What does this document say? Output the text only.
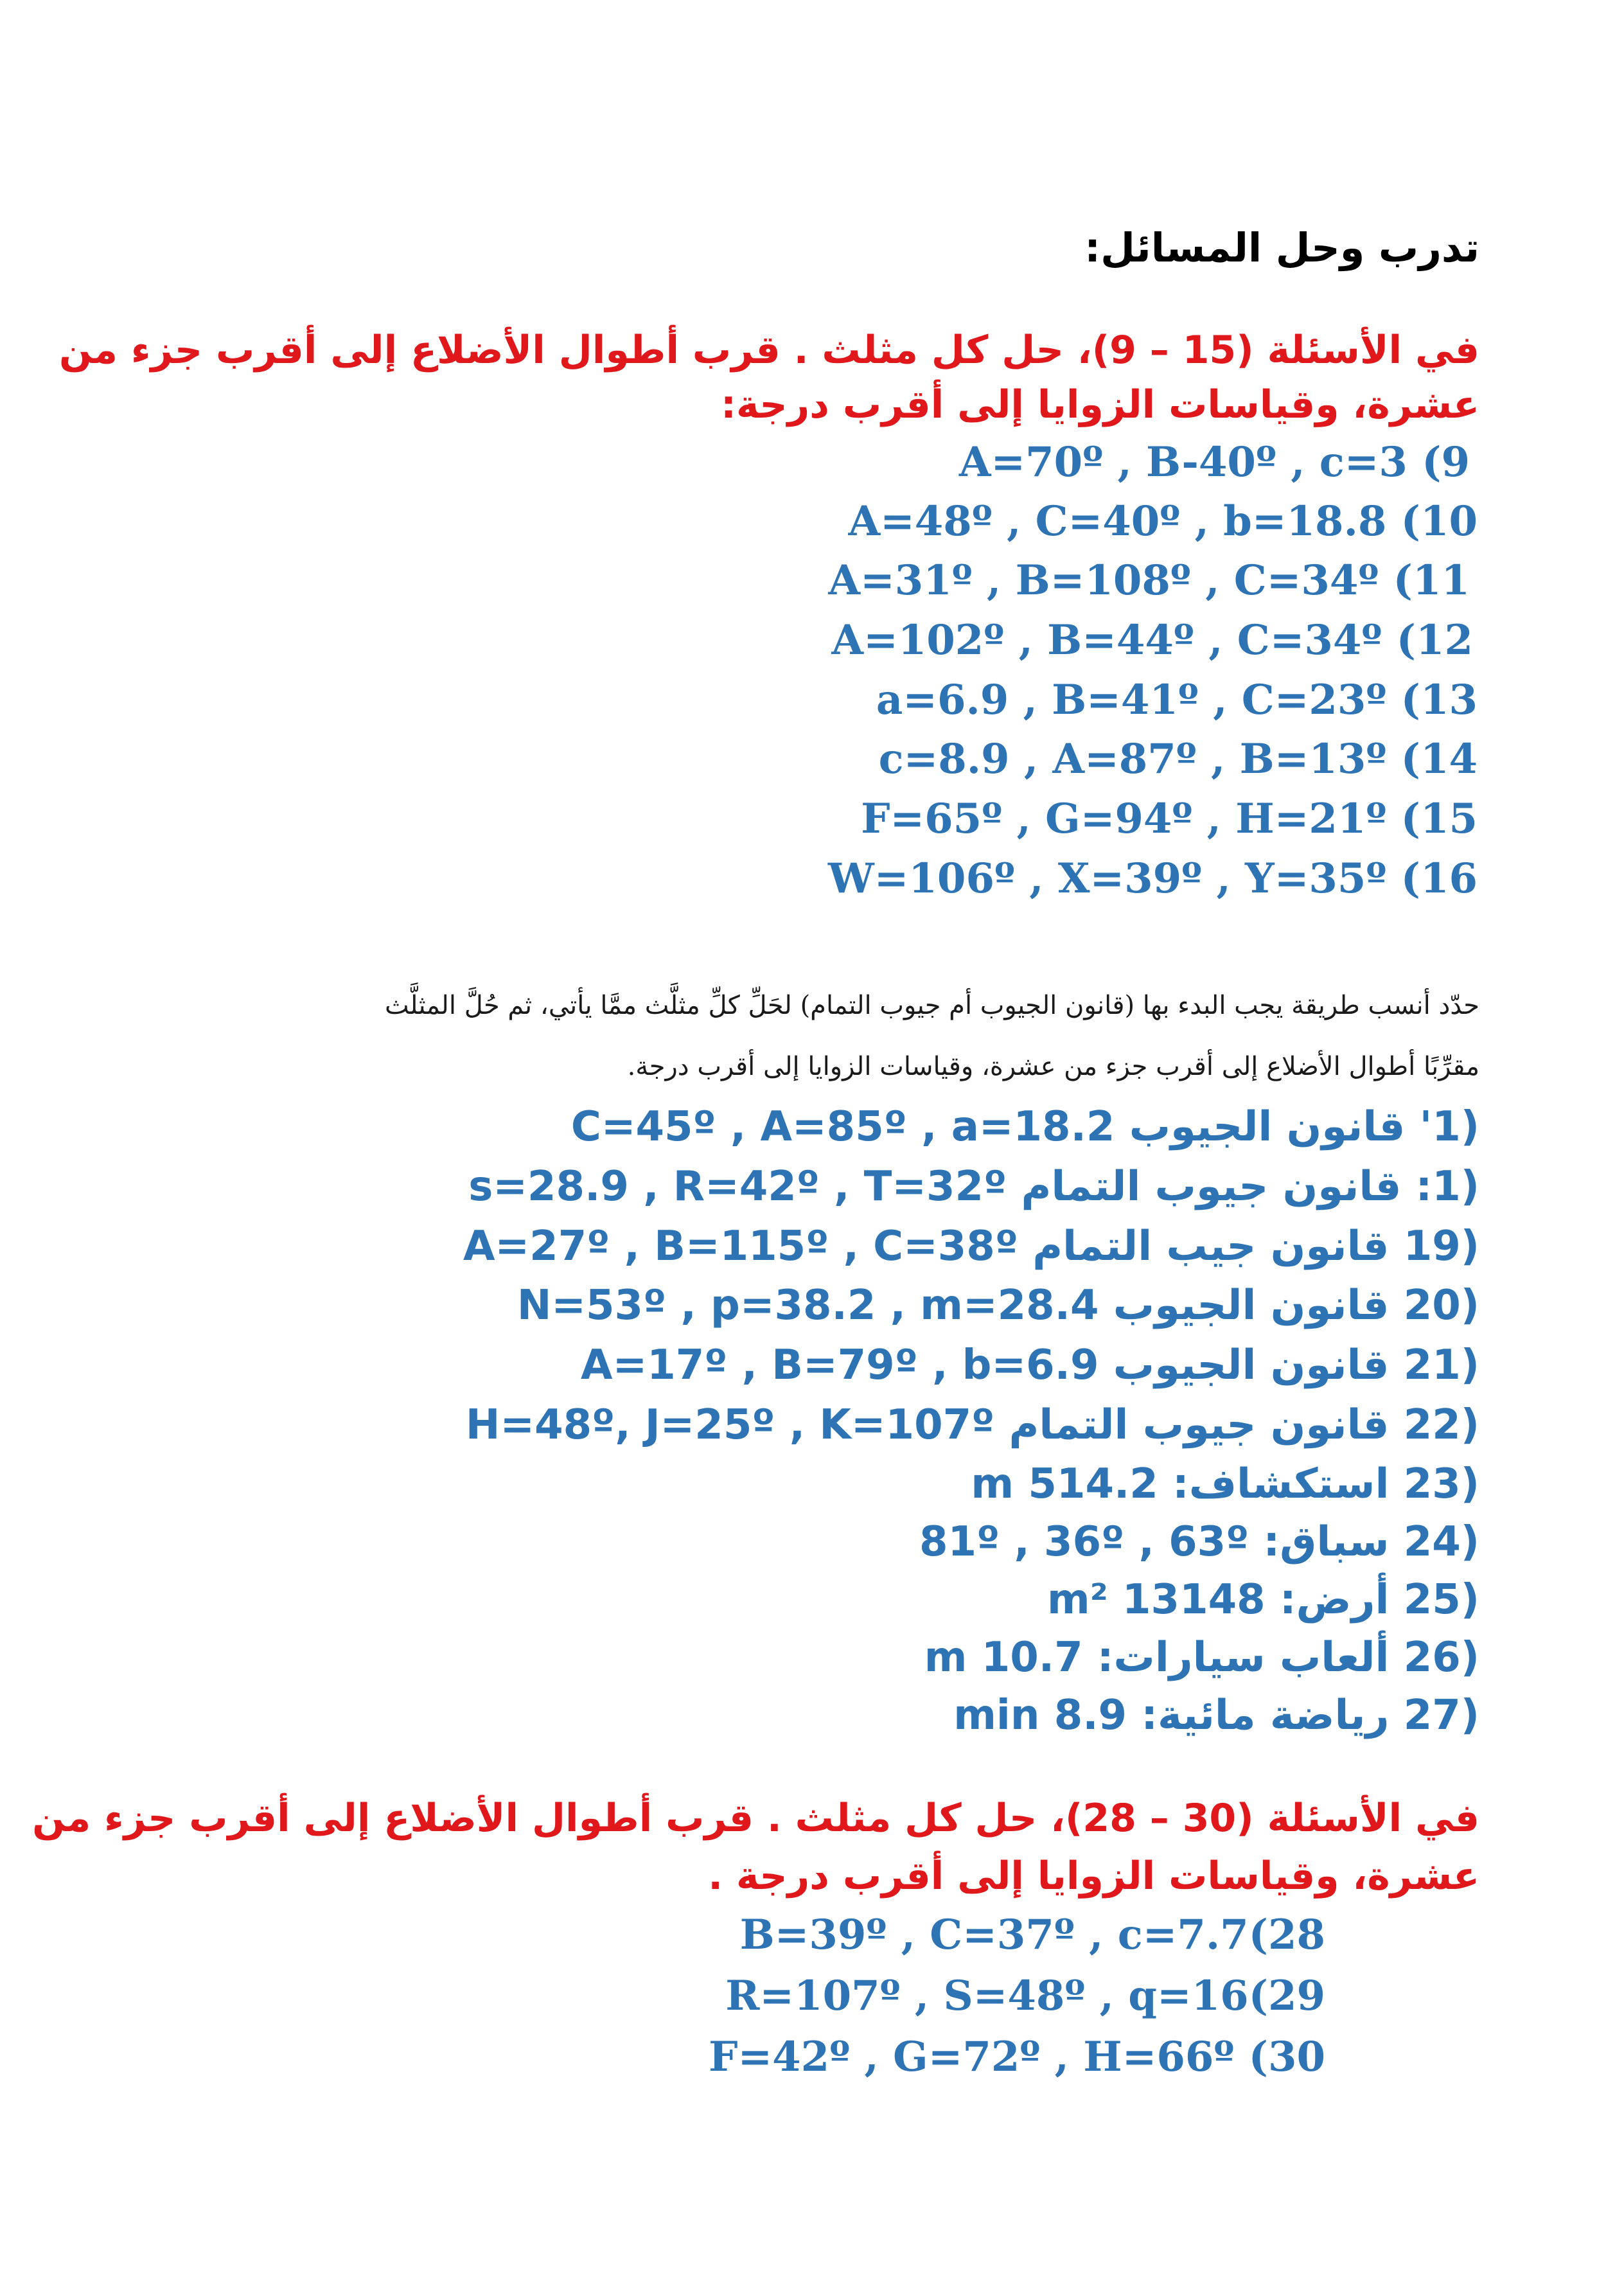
تدرب وحل المسائل:
في الأسئلة (15 – 9)، حل كل مثلث . قرب أطوال الأضلاع إلى أقرب جزء من
عشرة، وقياسات الزوايا إلى أقرب درجة:
A=70º , B-40º , c=3 (9
A=48º , C=40º , b=18.8 (10
A=31º , B=108º , C=34º (11
A=102º , B=44º , C=34º (12
a=6.9 , B=41º , C=23º (13
c=8.9 , A=87º , B=13º (14
F=65º , G=94º , H=21º (15
W=106º , X=39º , Y=35º (16
حدّد أنسب طريقة يجب البدء بها (قانون الجيوب أم جيوب التمام) لحَلِّ كلِّ مثلَّث ممَّا يأتي، ثم حُلَّ المثلَّث
مقرِّبًا أطوال الأضلاع إلى أقرب جزء من عشرة، وقياسات الزوايا إلى أقرب درجة.
(1' قانون الجيوب C=45º , A=85º , a=18.2
(1: قانون جيوب التمام s=28.9 , R=42º , T=32º
(19 قانون جيب التمام A=27º , B=115º , C=38º
(20 قانون الجيوب N=53º , p=38.2 , m=28.4
(21 قانون الجيوب A=17º , B=79º , b=6.9
(22 قانون جيوب التمام H=48º, J=25º , K=107º
(23 استكشاف: 514.2 m
(24 سباق: 81º , 36º , 63º
(25 أرض: 13148 m²
(26 ألعاب سيارات: 10.7 m
(27 رياضة مائية: 8.9 min
في الأسئلة (30 – 28)، حل كل مثلث . قرب أطوال الأضلاع إلى أقرب جزء من
عشرة، وقياسات الزوايا إلى أقرب درجة .
B=39º , C=37º , c=7.7(28
R=107º , S=48º , q=16(29
F=42º , G=72º , H=66º (30
